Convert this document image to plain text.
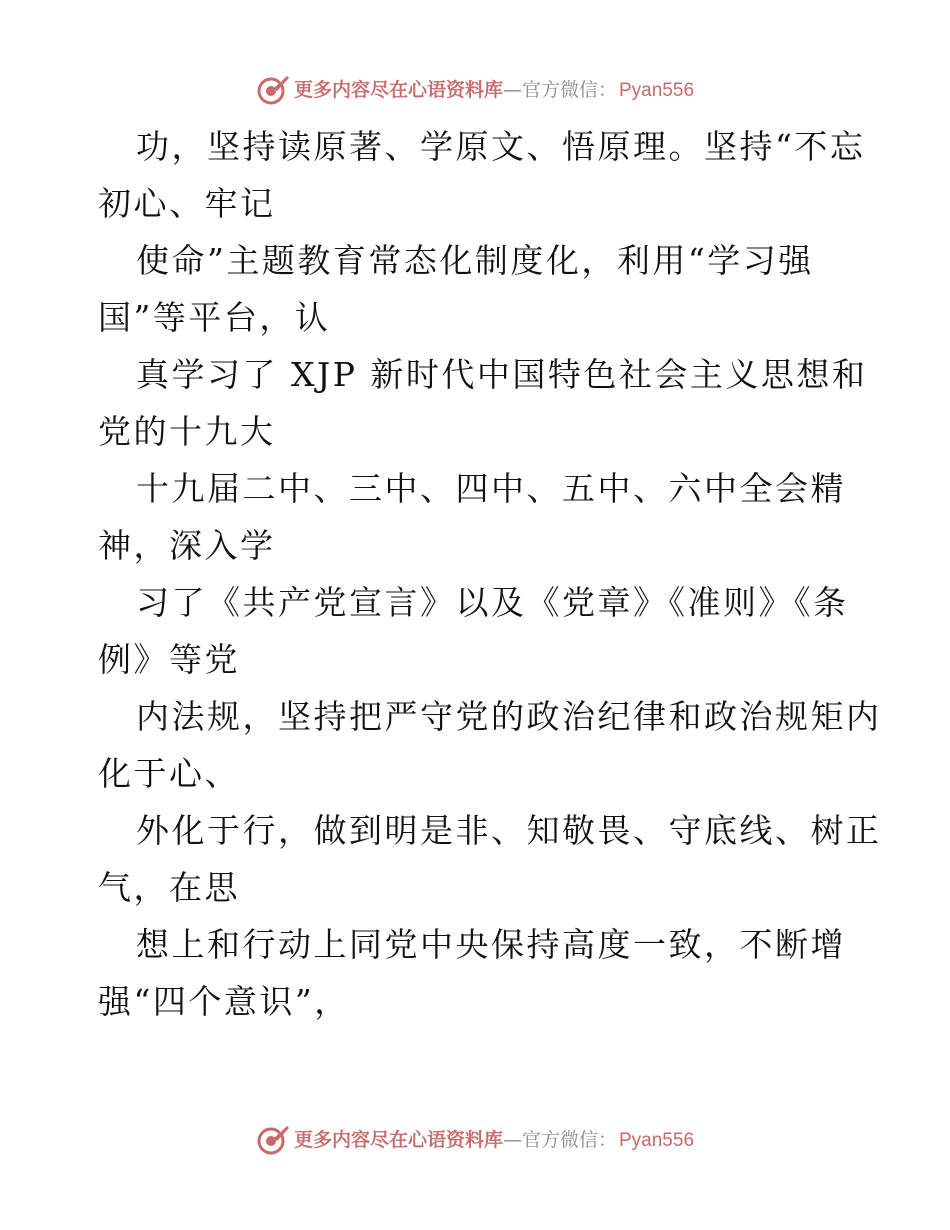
更多内容尽在心语资料库 — 官方微信： Pyan556

功，坚持读原著、学原文、悟原理。坚持“不忘
初心、牢记

使命”主题教育常态化制度化，利用“学习强
国”等平台，认

真学习了 XJP 新时代中国特色社会主义思想和
党的十九大

十九届二中、三中、四中、五中、六中全会精
神，深入学

习了《共产党宣言》以及《党章》《准则》《条
例》等党

内法规，坚持把严守党的政治纪律和政治规矩内
化于心、

外化于行，做到明是非、知敬畏、守底线、树正
气，在思

想上和行动上同党中央保持高度一致，不断增
强“四个意识”，

更多内容尽在心语资料库 — 官方微信： Pyan556
